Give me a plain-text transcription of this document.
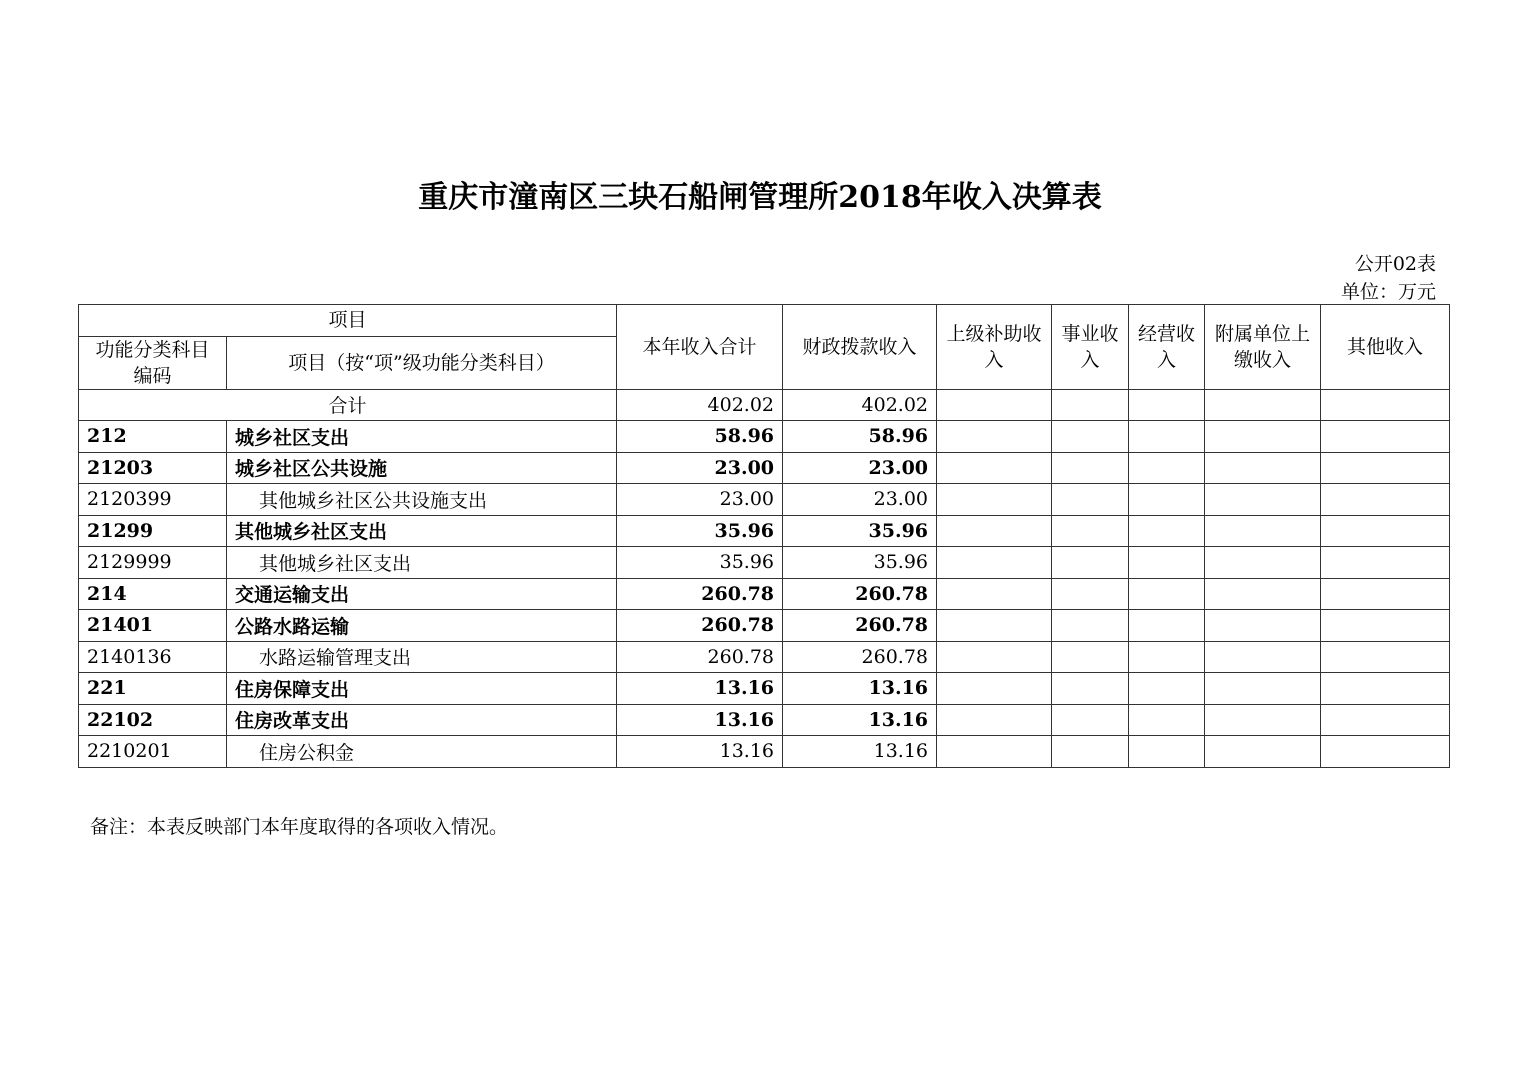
重庆市潼南区三块石船闸管理所2018年收入决算表
公开02表
单位：万元
项目		本年收入合计	财政拨款收入	上级补助收入	事业收入	经营收入	附属单位上缴收入	其他收入
功能分类科目编码	项目（按“项”级功能分类科目）							
合计		402.02	402.02					
212	城乡社区支出	58.96	58.96					
21203	城乡社区公共设施	23.00	23.00					
2120399	其他城乡社区公共设施支出	23.00	23.00					
21299	其他城乡社区支出	35.96	35.96					
2129999	其他城乡社区支出	35.96	35.96					
214	交通运输支出	260.78	260.78					
21401	公路水路运输	260.78	260.78					
2140136	水路运输管理支出	260.78	260.78					
221	住房保障支出	13.16	13.16					
22102	住房改革支出	13.16	13.16					
2210201	住房公积金	13.16	13.16					
备注：本表反映部门本年度取得的各项收入情况。
